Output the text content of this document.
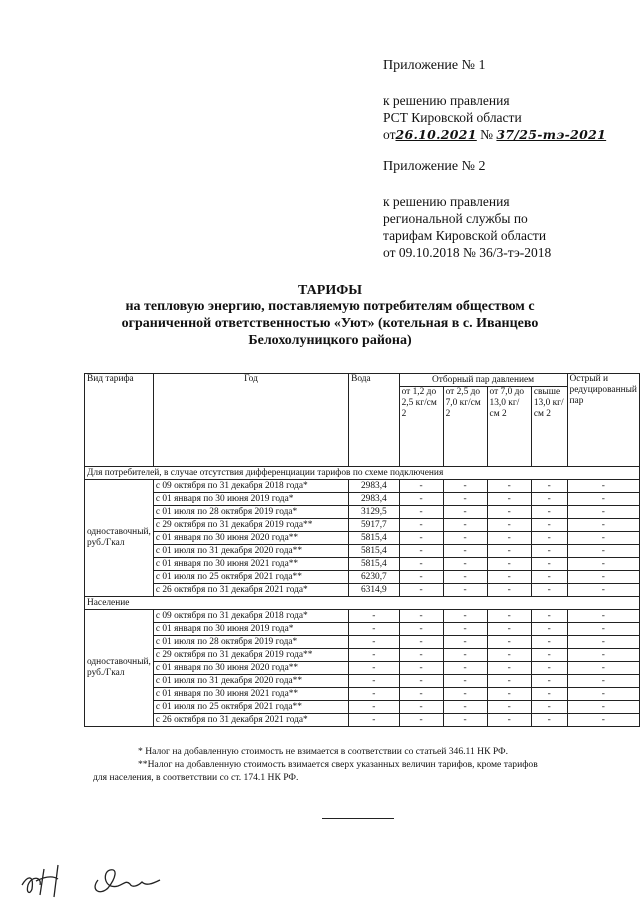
Приложение № 1
к решению правления
РСТ Кировской области
от26.10.2021 № 37/25-тэ-2021
Приложение № 2
к решению правления
региональной службы по
тарифам Кировской области
от 09.10.2018 № 36/3-тэ-2018
ТАРИФЫ
на тепловую энергию, поставляемую потребителям обществом с
ограниченной ответственностью «Уют» (котельная в с. Иванцево
Белохолуницкого района)
Вид тарифа	Год	Вода	Отборный пар давлением				Острый и редуцированный пар
			от 1,2 до 2,5 кг/см 2	от 2,5 до 7,0 кг/см 2	от 7,0 до 13,0 кг/см 2	свыше 13,0 кг/см 2	
Для потребителей, в случае отсутствия дифференциации тарифов по схеме подключения							
одноставочный, руб./Гкал	с 09 октября по 31 декабря 2018 года*	2983,4	-	-	-	-	-
	с 01 января по 30 июня 2019 года*	2983,4	-	-	-	-	-
	с 01 июля по 28 октября 2019 года*	3129,5	-	-	-	-	-
	с 29 октября по 31 декабря 2019 года**	5917,7	-	-	-	-	-
	с 01 января по 30 июня 2020 года**	5815,4	-	-	-	-	-
	с 01 июля по 31 декабря 2020 года**	5815,4	-	-	-	-	-
	с 01 января по 30 июня 2021 года**	5815,4	-	-	-	-	-
	с 01 июля по 25 октября 2021 года**	6230,7	-	-	-	-	-
	с 26 октября по 31 декабря 2021 года*	6314,9	-	-	-	-	-
Население							
одноставочный, руб./Гкал	с 09 октября по 31 декабря 2018 года*	-	-	-	-	-	-
	с 01 января по 30 июня 2019 года*	-	-	-	-	-	-
	с 01 июля по 28 октября 2019 года*	-	-	-	-	-	-
	с 29 октября по 31 декабря 2019 года**	-	-	-	-	-	-
	с 01 января по 30 июня 2020 года**	-	-	-	-	-	-
	с 01 июля по 31 декабря 2020 года**	-	-	-	-	-	-
	с 01 января по 30 июня 2021 года**	-	-	-	-	-	-
	с 01 июля по 25 октября 2021 года**	-	-	-	-	-	-
	с 26 октября по 31 декабря 2021 года*	-	-	-	-	-	-
* Налог на добавленную стоимость не взимается в соответствии со статьей 346.11 НК РФ.
**Налог на добавленную стоимость взимается сверх указанных величин тарифов, кроме тарифов
для населения, в соответствии со ст. 174.1 НК РФ.
